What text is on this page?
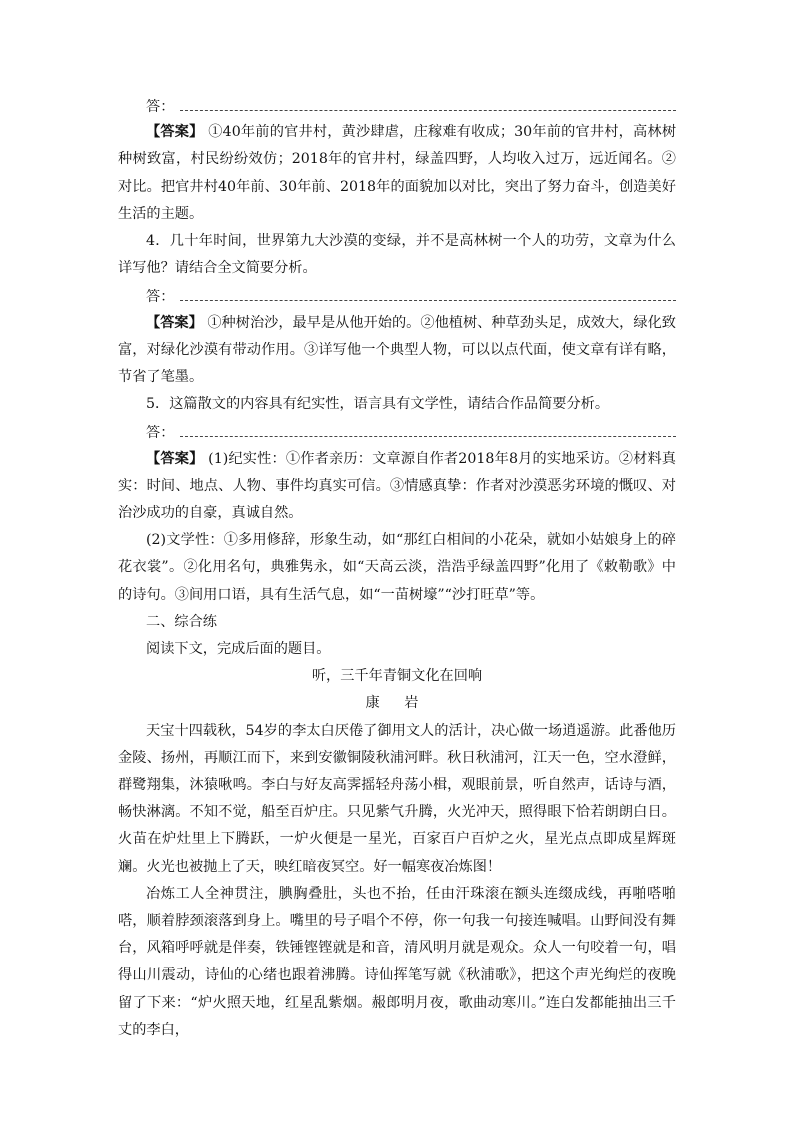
答：
【答案】 ①40年前的官井村，黄沙肆虐，庄稼难有收成；30年前的官井村，高林树种树致富，村民纷纷效仿；2018年的官井村，绿盖四野，人均收入过万，远近闻名。②对比。把官井村40年前、30年前、2018年的面貌加以对比，突出了努力奋斗，创造美好生活的主题。
4．几十年时间，世界第九大沙漠的变绿，并不是高林树一个人的功劳，文章为什么详写他？请结合全文简要分析。
答：
【答案】 ①种树治沙，最早是从他开始的。②他植树、种草劲头足，成效大，绿化致富，对绿化沙漠有带动作用。③详写他一个典型人物，可以以点代面，使文章有详有略，节省了笔墨。
5．这篇散文的内容具有纪实性，语言具有文学性，请结合作品简要分析。
答：
【答案】 (1)纪实性：①作者亲历：文章源自作者2018年8月的实地采访。②材料真实：时间、地点、人物、事件均真实可信。③情感真挚：作者对沙漠恶劣环境的慨叹、对治沙成功的自豪，真诚自然。
(2)文学性：①多用修辞，形象生动，如“那红白相间的小花朵，就如小姑娘身上的碎花衣裳”。②化用名句，典雅隽永，如“天高云淡，浩浩乎绿盖四野”化用了《敕勒歌》中的诗句。③间用口语，具有生活气息，如“一苗树壕”“沙打旺草”等。
二、综合练
阅读下文，完成后面的题目。
听，三千年青铜文化在回响
康 岩
天宝十四载秋，54岁的李太白厌倦了御用文人的活计，决心做一场逍遥游。此番他历金陵、扬州，再顺江而下，来到安徽铜陵秋浦河畔。秋日秋浦河，江天一色，空水澄鲜，群鹭翔集，沐猿啾鸣。李白与好友高霁摇轻舟荡小楫，观眼前景，听自然声，话诗与酒，畅快淋漓。不知不觉，船至百炉庄。只见紫气升腾，火光冲天，照得眼下恰若朗朗白日。火苗在炉灶里上下腾跃，一炉火便是一星光，百家百户百炉之火，星光点点即成星辉斑斓。火光也被抛上了天，映红暗夜冥空。好一幅寒夜冶炼图！
冶炼工人全神贯注，腆胸叠肚，头也不抬，任由汗珠滚在额头连缀成线，再啪嗒啪嗒，顺着脖颈滚落到身上。嘴里的号子唱个不停，你一句我一句接连喊唱。山野间没有舞台，风箱呼呼就是伴奏，铁锤铿铿就是和音，清风明月就是观众。众人一句咬着一句，唱得山川震动，诗仙的心绪也跟着沸腾。诗仙挥笔写就《秋浦歌》，把这个声光绚烂的夜晚留了下来：“炉火照天地，红星乱紫烟。赧郎明月夜，歌曲动寒川。”连白发都能抽出三千丈的李白，
